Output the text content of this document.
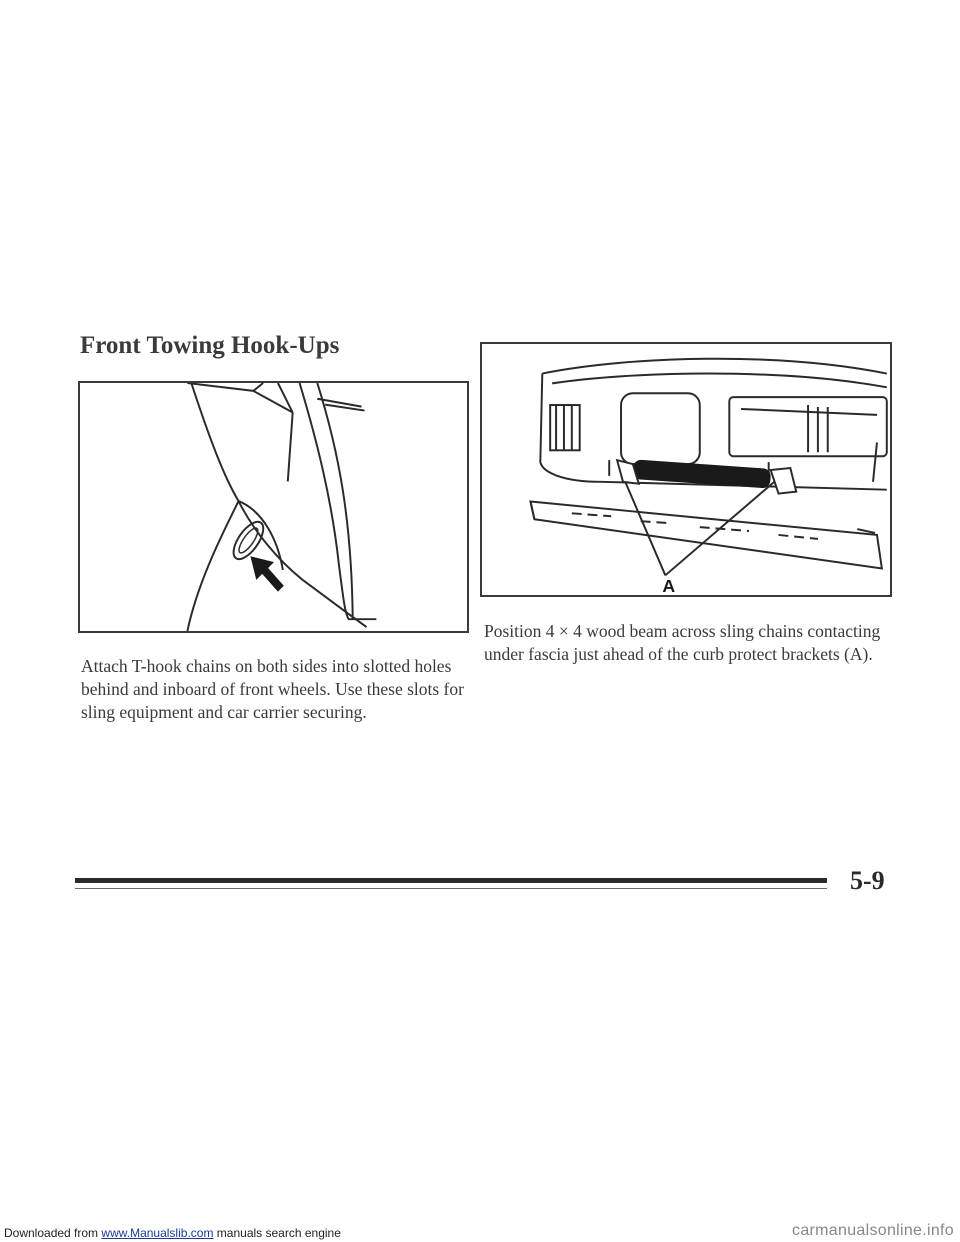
Front Towing Hook-Ups
A

Attach T-hook chains on both sides into slotted holes behind and inboard of front wheels. Use these slots for sling equipment and car carrier securing.

Position 4 × 4 wood beam across sling chains contacting under fascia just ahead of the curb protect brackets (A).

5-9
Downloaded from www.Manualslib.com manuals search engine	carmanualsonline.info
